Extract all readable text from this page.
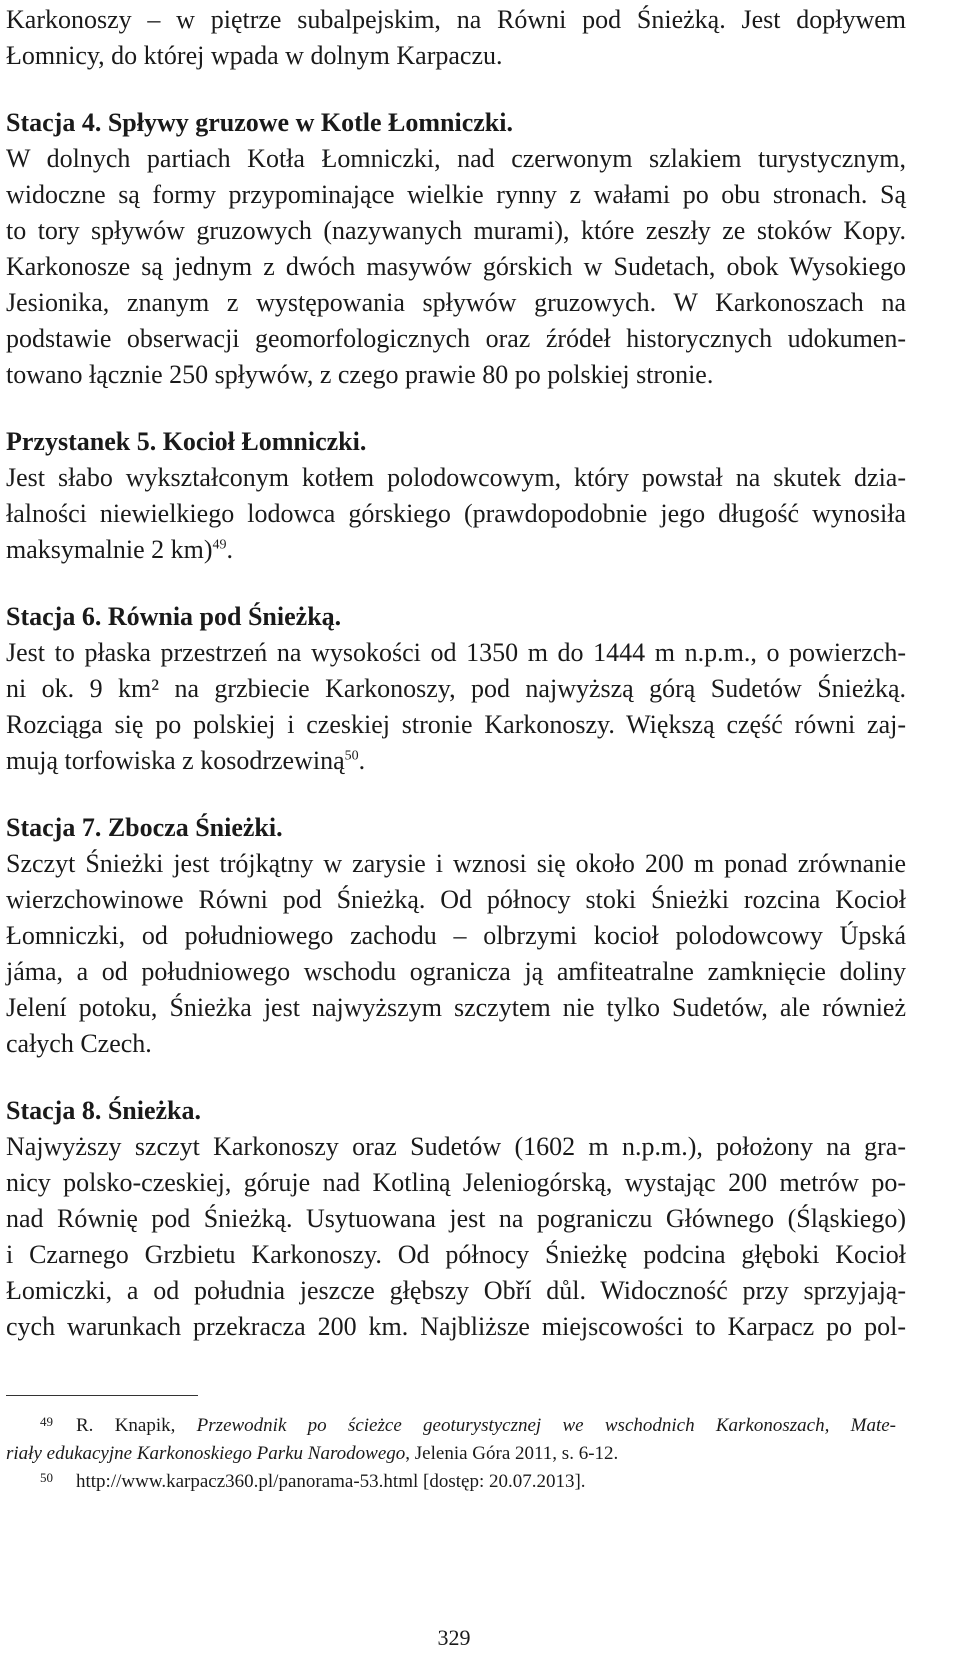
Karkonoszy – w piętrze subalpejskim, na Równi pod Śnieżką. Jest dopływem
Łomnicy, do której wpada w dolnym Karpaczu.
Stacja 4. Spływy gruzowe w Kotle Łomniczki.
W dolnych partiach Kotła Łomniczki, nad czerwonym szlakiem turystycznym,
widoczne są formy przypominające wielkie rynny z wałami po obu stronach. Są
to tory spływów gruzowych (nazywanych murami), które zeszły ze stoków Kopy.
Karkonosze są jednym z dwóch masywów górskich w Sudetach, obok Wysokiego
Jesionika, znanym z występowania spływów gruzowych. W Karkonoszach na
podstawie obserwacji geomorfologicznych oraz źródeł historycznych udokumen-
towano łącznie 250 spływów, z czego prawie 80 po polskiej stronie.
Przystanek 5. Kocioł Łomniczki.
Jest słabo wykształconym kotłem polodowcowym, który powstał na skutek dzia-
łalności niewielkiego lodowca górskiego (prawdopodobnie jego długość wynosiła
maksymalnie 2 km)$^{49}$.
Stacja 6. Równia pod Śnieżką.
Jest to płaska przestrzeń na wysokości od 1350 m do 1444 m n.p.m., o powierzch-
ni ok. 9 km² na grzbiecie Karkonoszy, pod najwyższą górą Sudetów Śnieżką.
Rozciąga się po polskiej i czeskiej stronie Karkonoszy. Większą część równi zaj-
mują torfowiska z kosodrzewiną$^{50}$.
Stacja 7. Zbocza Śnieżki.
Szczyt Śnieżki jest trójkątny w zarysie i wznosi się około 200 m ponad zrównanie
wierzchowinowe Równi pod Śnieżką. Od północy stoki Śnieżki rozcina Kocioł
Łomniczki, od południowego zachodu – olbrzymi kocioł polodowcowy Úpská
jáma, a od południowego wschodu ogranicza ją amfiteatralne zamknięcie doliny
Jelení potoku, Śnieżka jest najwyższym szczytem nie tylko Sudetów, ale również
całych Czech.
Stacja 8. Śnieżka.
Najwyższy szczyt Karkonoszy oraz Sudetów (1602 m n.p.m.), położony na gra-
nicy polsko-czeskiej, góruje nad Kotliną Jeleniogórską, wystając 200 metrów po-
nad Równię pod Śnieżką. Usytuowana jest na pograniczu Głównego (Śląskiego)
i Czarnego Grzbietu Karkonoszy. Od północy Śnieżkę podcina głęboki Kocioł
Łomiczki, a od południa jeszcze głębszy Obří důl. Widoczność przy sprzyjają-
cych warunkach przekracza 200 km. Najbliższe miejscowości to Karpacz po pol-
49 R. Knapik, Przewodnik po ścieżce geoturystycznej we wschodnich Karkonoszach, Mate-
riały edukacyjne Karkonoskiego Parku Narodowego, Jelenia Góra 2011, s. 6-12.
50 http://www.karpacz360.pl/panorama-53.html [dostęp: 20.07.2013].
329
